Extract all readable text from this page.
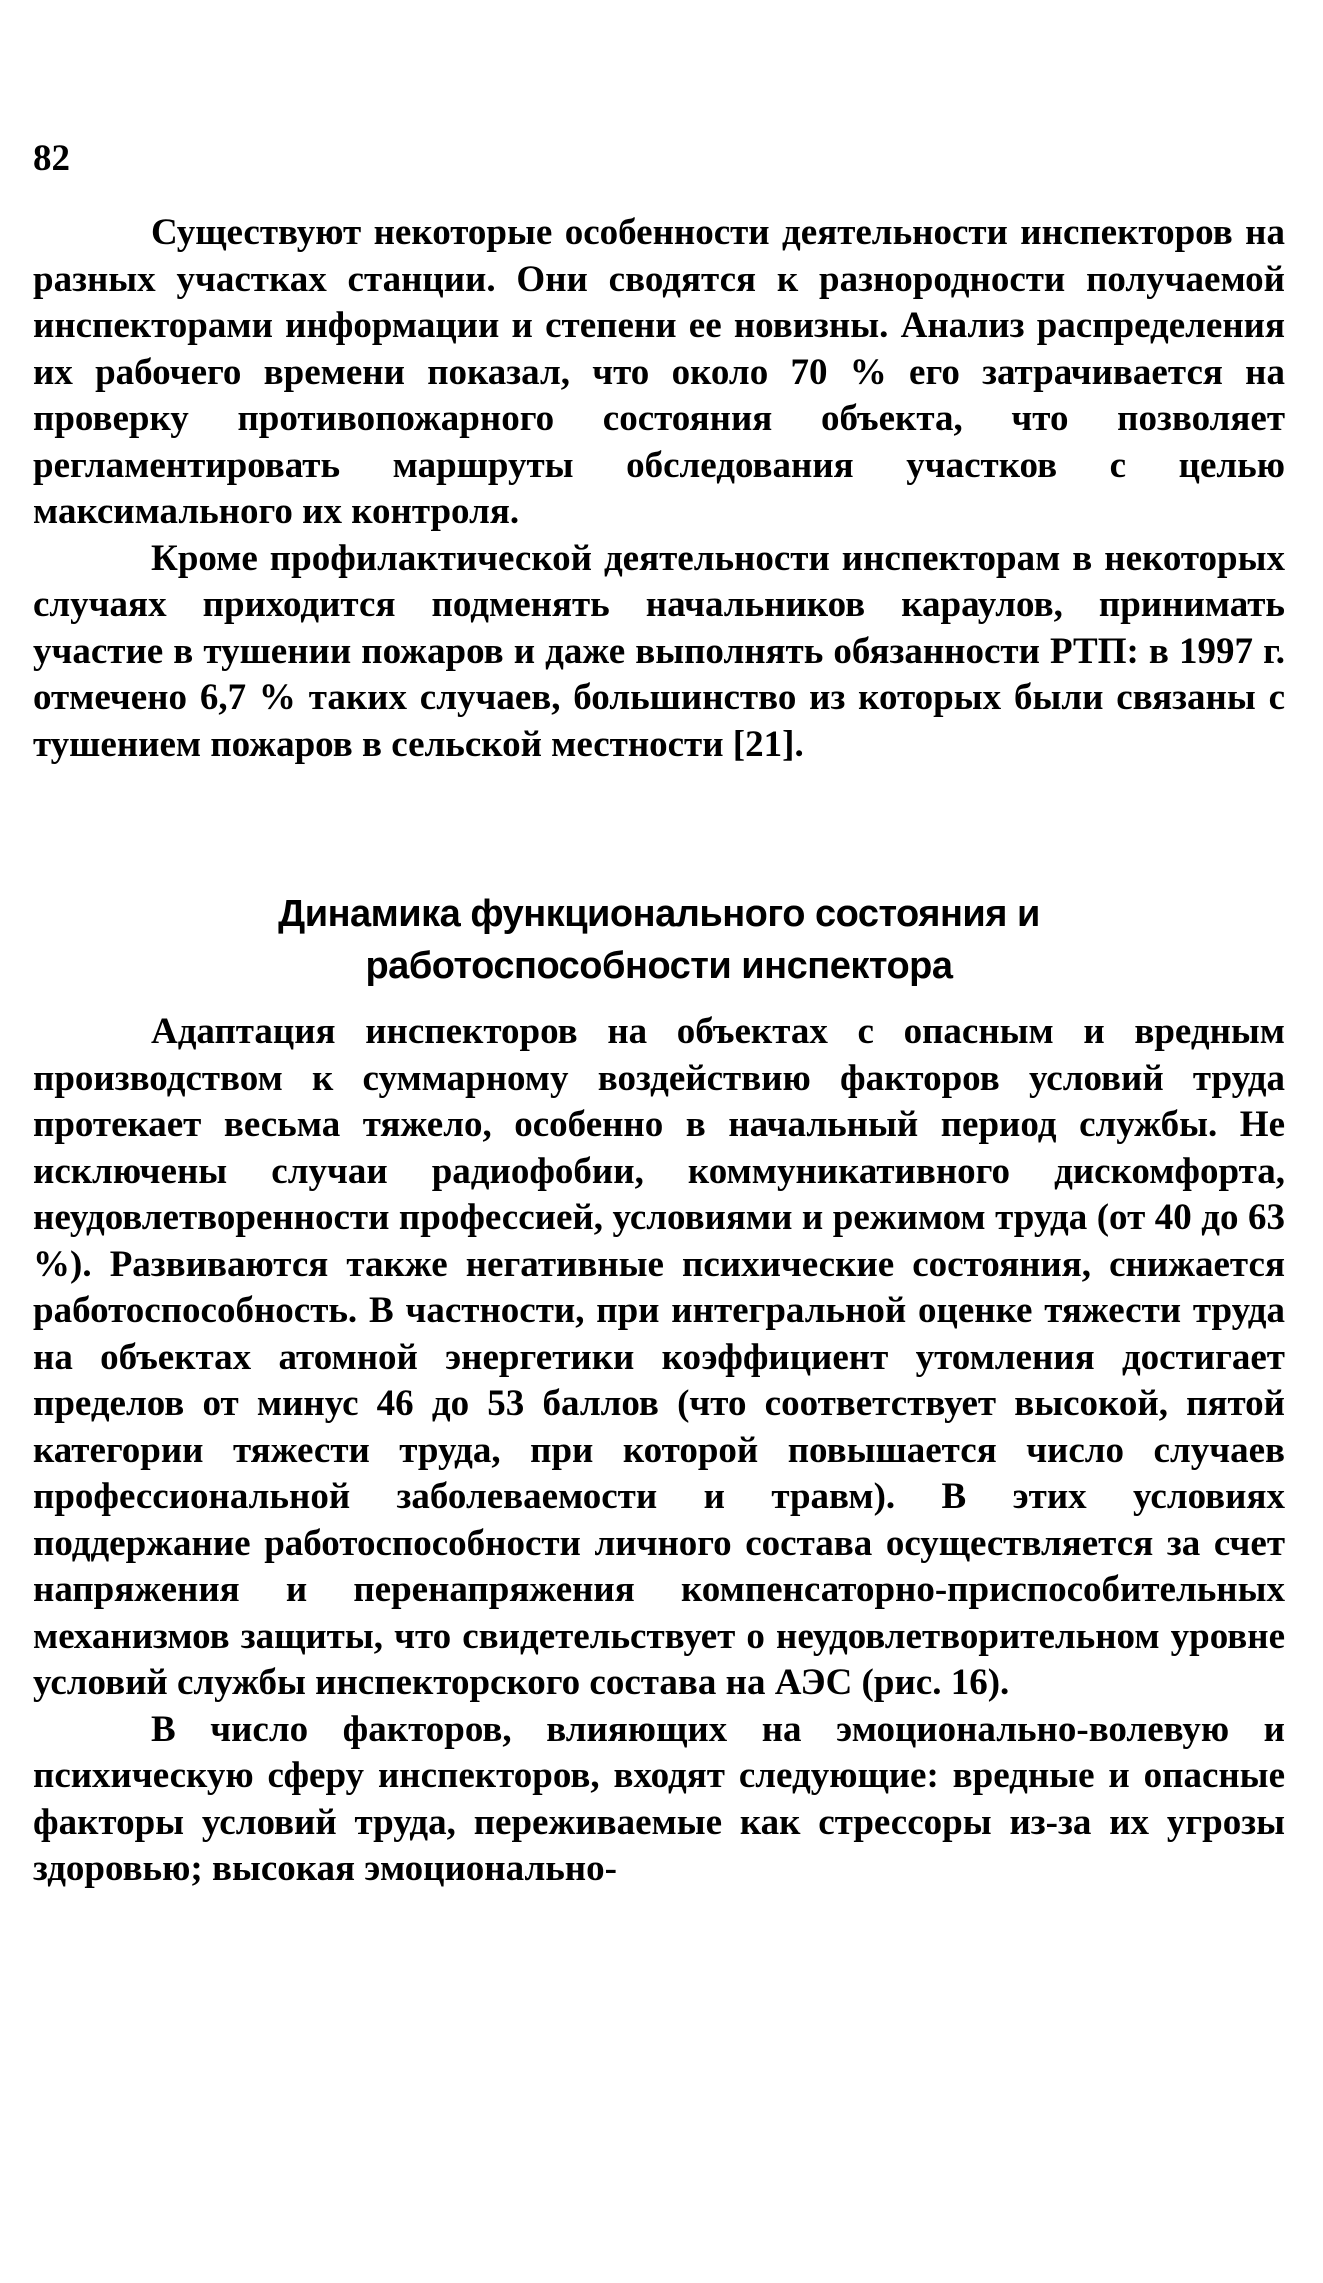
82

Существуют некоторые особенности деятельности инспекторов на разных участках станции. Они сводятся к разнородности получаемой инспекторами информации и степени ее новизны. Анализ распределения их рабочего времени показал, что около 70 % его затрачивается на проверку противопожарного состояния объекта, что позволяет регламентировать маршруты обследования участков с целью максимального их контроля.

Кроме профилактической деятельности инспекторам в некоторых случаях приходится подменять начальников караулов, принимать участие в тушении пожаров и даже выполнять обязанности РТП: в 1997 г. отмечено 6,7 % таких случаев, большинство из которых были связаны с тушением пожаров в сельской местности [21].

Динамика функционального состояния и
работоспособности инспектора

Адаптация инспекторов на объектах с опасным и вредным производством к суммарному воздействию факторов условий труда протекает весьма тяжело, особенно в начальный период службы. Не исключены случаи радиофобии, коммуникативного дискомфорта, неудовлетворенности профессией, условиями и режимом труда (от 40 до 63 %). Развиваются также негативные психические состояния, снижается работоспособность. В частности, при интегральной оценке тяжести труда на объектах атомной энергетики коэффициент утомления достигает пределов от минус 46 до 53 баллов (что соответствует высокой, пятой категории тяжести труда, при которой повышается число случаев профессиональной заболеваемости и травм). В этих условиях поддержание работоспособности личного состава осуществляется за счет напряжения и перенапряжения компенсаторно-приспособительных механизмов защиты, что свидетельствует о неудовлетворительном уровне условий службы инспекторского состава на АЭС (рис. 16).

В число факторов, влияющих на эмоционально-волевую и психическую сферу инспекторов, входят следующие: вредные и опасные факторы условий труда, переживаемые как стрессоры из-за их угрозы здоровью; высокая эмоционально-
